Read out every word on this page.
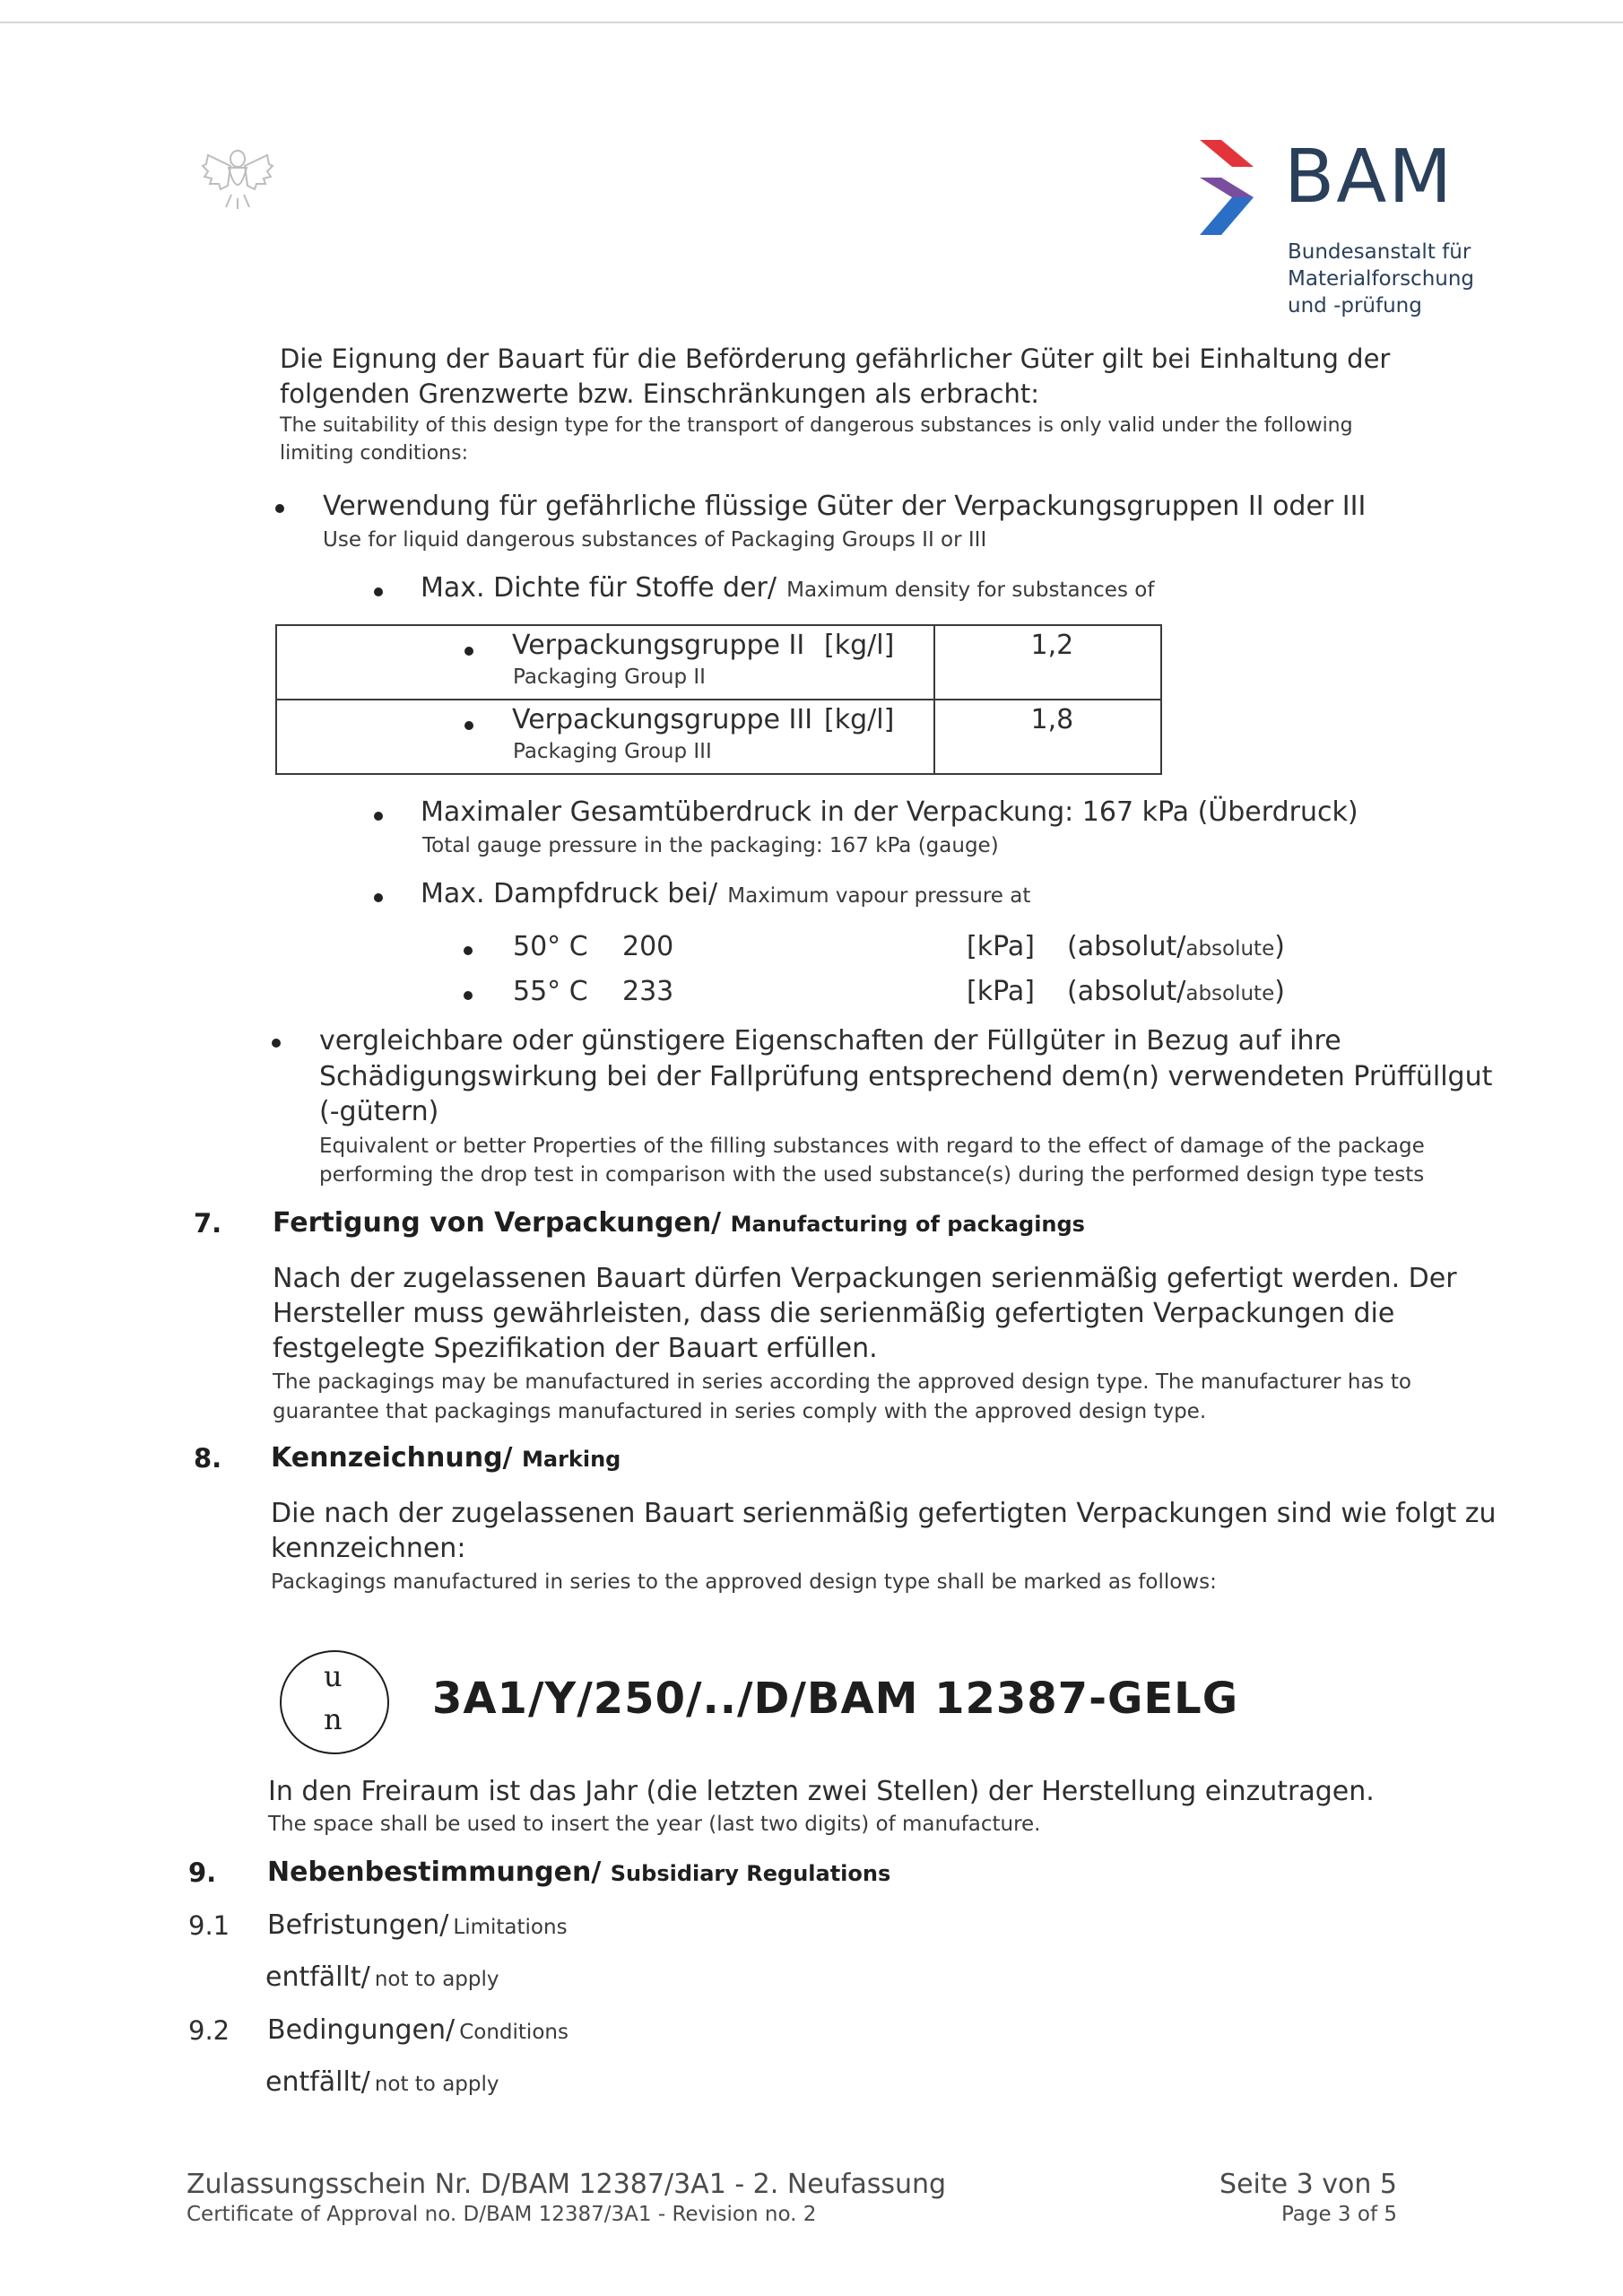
BAM
Bundesanstalt für
Materialforschung
und -prüfung
Die Eignung der Bauart für die Beförderung gefährlicher Güter gilt bei Einhaltung der
folgenden Grenzwerte bzw. Einschränkungen als erbracht:
The suitability of this design type for the transport of dangerous substances is only valid under the following
limiting conditions:
Verwendung für gefährliche flüssige Güter der Verpackungsgruppen II oder III
Use for liquid dangerous substances of Packaging Groups II or III
Max. Dichte für Stoffe der/ Maximum density for substances of
Verpackungsgruppe II
Packaging Group II
[kg/l]	1,2

Verpackungsgruppe III
Packaging Group III
[kg/l]	1,8
Maximaler Gesamtüberdruck in der Verpackung: 167 kPa (Überdruck)
Total gauge pressure in the packaging: 167 kPa (gauge)
Max. Dampfdruck bei/ Maximum vapour pressure at
50° C 200	[kPa] (absolut/absolute)
55° C 233	[kPa] (absolut/absolute)
vergleichbare oder günstigere Eigenschaften der Füllgüter in Bezug auf ihre
Schädigungswirkung bei der Fallprüfung entsprechend dem(n) verwendeten Prüffüllgut
(-gütern)
Equivalent or better Properties of the filling substances with regard to the effect of damage of the package
performing the drop test in comparison with the used substance(s) during the performed design type tests
7. Fertigung von Verpackungen/ Manufacturing of packagings
Nach der zugelassenen Bauart dürfen Verpackungen serienmäßig gefertigt werden. Der
Hersteller muss gewährleisten, dass die serienmäßig gefertigten Verpackungen die
festgelegte Spezifikation der Bauart erfüllen.
The packagings may be manufactured in series according the approved design type. The manufacturer has to
guarantee that packagings manufactured in series comply with the approved design type.
8. Kennzeichnung/ Marking
Die nach der zugelassenen Bauart serienmäßig gefertigten Verpackungen sind wie folgt zu
kennzeichnen:
Packagings manufactured in series to the approved design type shall be marked as follows:
u
n 3A1/Y/250/../D/BAM 12387-GELG
In den Freiraum ist das Jahr (die letzten zwei Stellen) der Herstellung einzutragen.
The space shall be used to insert the year (last two digits) of manufacture.
9. Nebenbestimmungen/ Subsidiary Regulations
9.1 Befristungen/ Limitations
entfällt/ not to apply
9.2 Bedingungen/ Conditions
entfällt/ not to apply
Zulassungsschein Nr. D/BAM 12387/3A1 - 2. Neufassung
Certificate of Approval no. D/BAM 12387/3A1 - Revision no. 2
Seite 3 von 5
Page 3 of 5
